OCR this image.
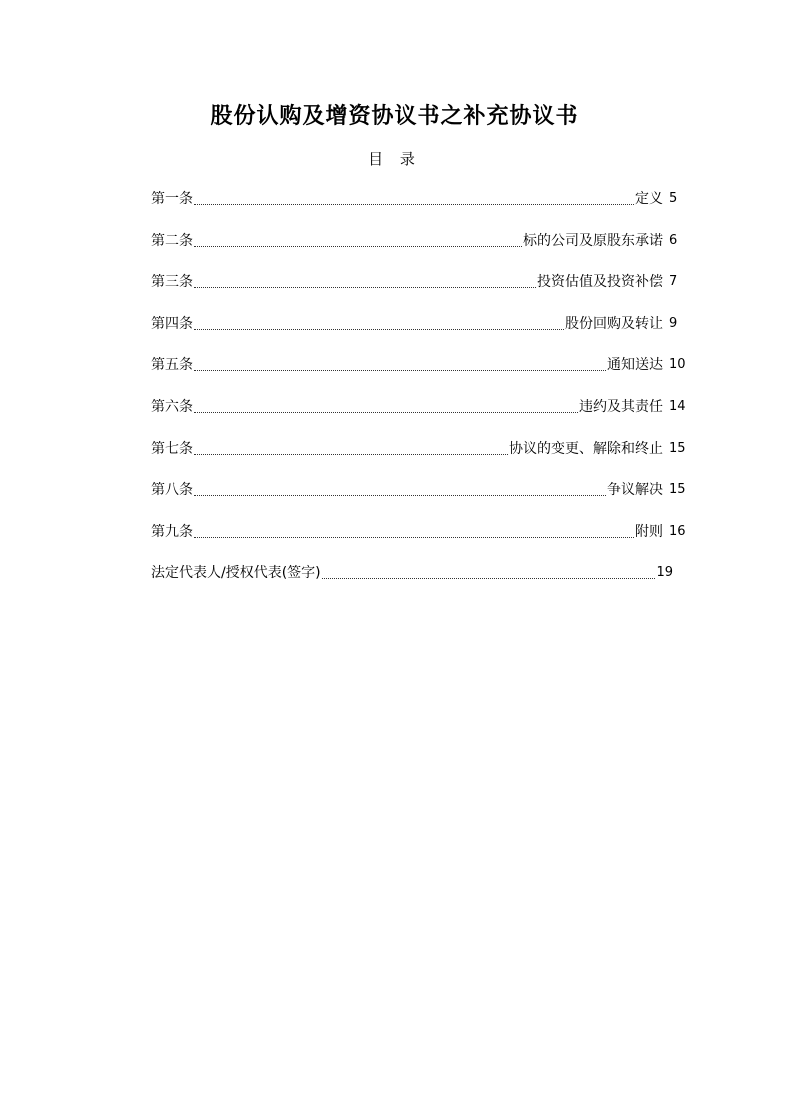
股份认购及增资协议书之补充协议书
目 录
第一条	定义 5
第二条	标的公司及原股东承诺 6
第三条	投资估值及投资补偿 7
第四条	股份回购及转让 9
第五条	通知送达 10
第六条	违约及其责任 14
第七条	协议的变更、解除和终止 15
第八条	争议解决 15
第九条	附则 16
法定代表人/授权代表(签字)	19
